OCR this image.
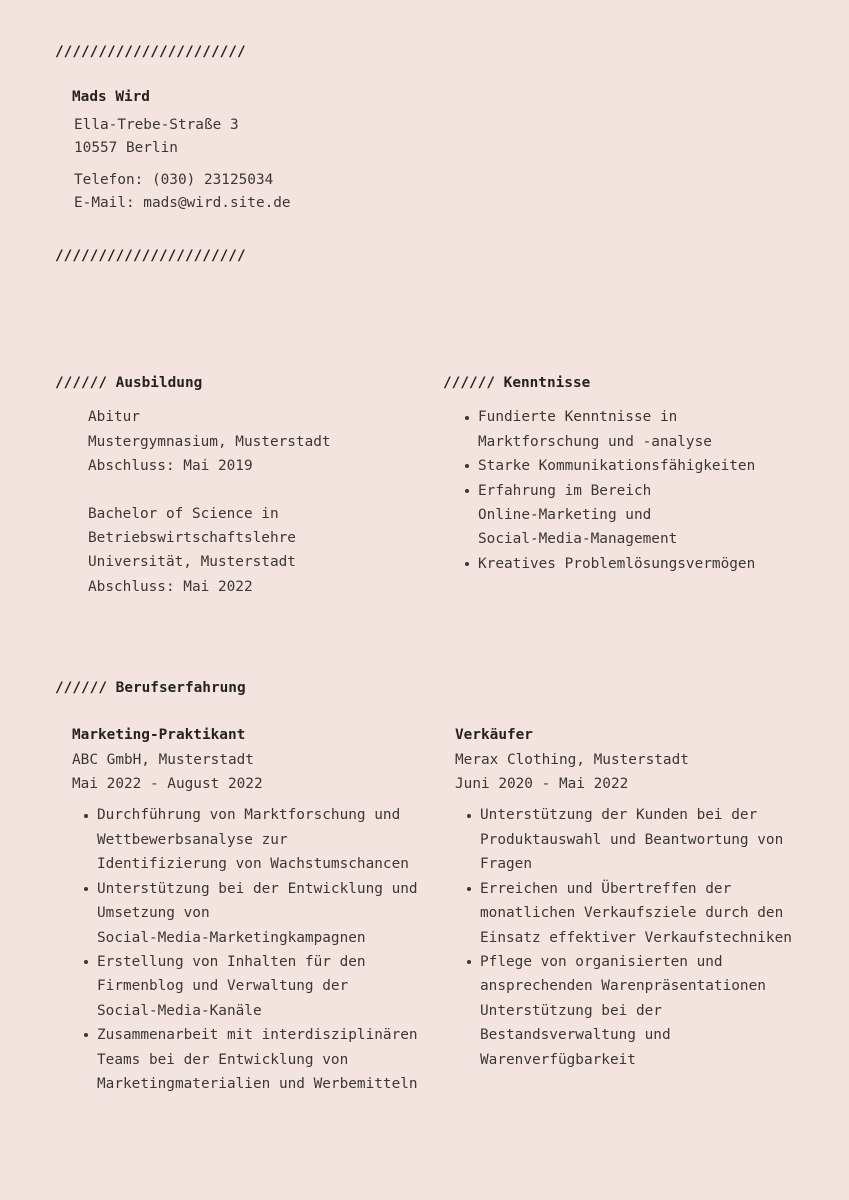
//////////////////////
Mads Wird
Ella-Trebe-Straße 3
10557 Berlin
Telefon: (030) 23125034
E-Mail: mads@wird.site.de
//////////////////////
////// Ausbildung
Abitur
Mustergymnasium, Musterstadt
Abschluss: Mai 2019
Bachelor of Science in
Betriebswirtschaftslehre
Universität, Musterstadt
Abschluss: Mai 2022
////// Kenntnisse
Fundierte Kenntnisse in
Marktforschung und -analyse
Starke Kommunikationsfähigkeiten
Erfahrung im Bereich
Online-Marketing und
Social-Media-Management
Kreatives Problemlösungsvermögen
////// Berufserfahrung
Marketing-Praktikant
ABC GmbH, Musterstadt
Mai 2022 - August 2022
Durchführung von Marktforschung und
Wettbewerbsanalyse zur
Identifizierung von Wachstumschancen
Unterstützung bei der Entwicklung und
Umsetzung von
Social-Media-Marketingkampagnen
Erstellung von Inhalten für den
Firmenblog und Verwaltung der
Social-Media-Kanäle
Zusammenarbeit mit interdisziplinären
Teams bei der Entwicklung von
Marketingmaterialien und Werbemitteln
Verkäufer
Merax Clothing, Musterstadt
Juni 2020 - Mai 2022
Unterstützung der Kunden bei der
Produktauswahl und Beantwortung von
Fragen
Erreichen und Übertreffen der
monatlichen Verkaufsziele durch den
Einsatz effektiver Verkaufstechniken
Pflege von organisierten und
ansprechenden Warenpräsentationen
Unterstützung bei der
Bestandsverwaltung und
Warenverfügbarkeit
